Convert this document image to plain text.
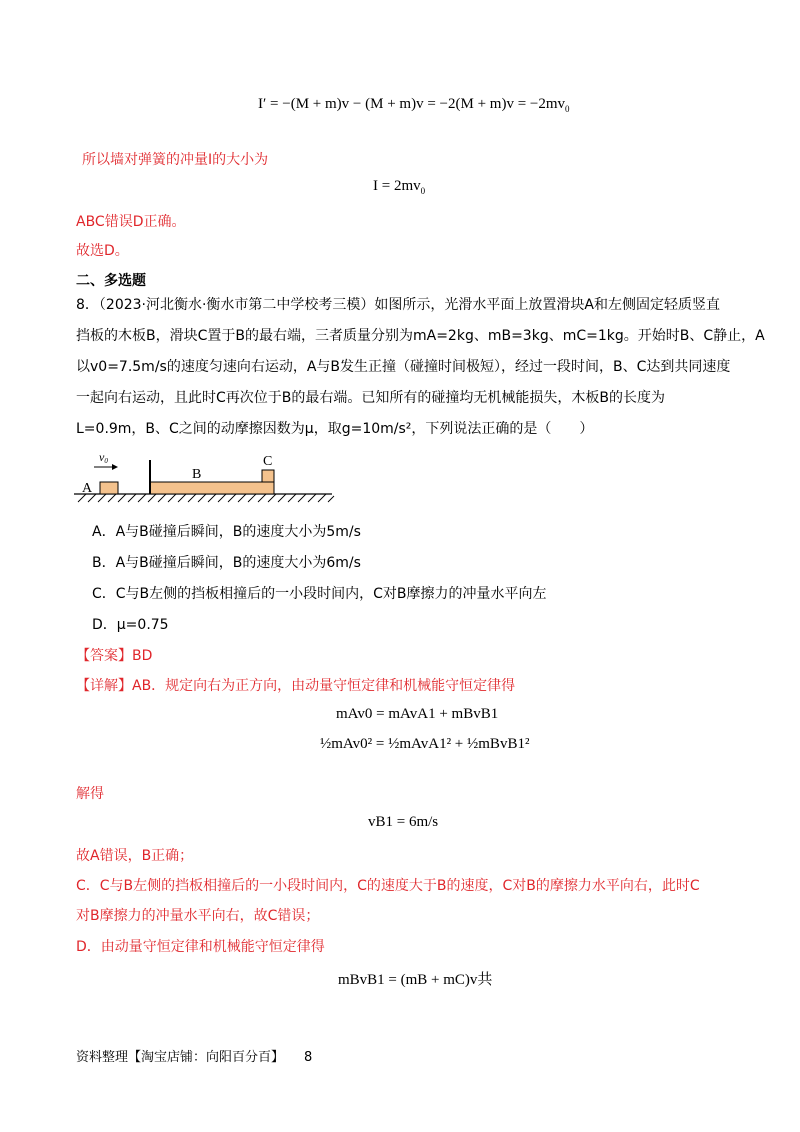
$I' = -(M + m)v - (M + m)v = -2(M + m)v = -2mv_0$
所以墙对弹簧的冲量I的大小为
$I = 2mv_0$
ABC错误D正确。
故选D。
二、多选题
8．（2023·河北衡水·衡水市第二中学校考三模）如图所示，光滑水平面上放置滑块A和左侧固定轻质竖直
挡板的木板B，滑块C置于B的最右端，三者质量分别为mA=2kg、mB=3kg、mC=1kg。开始时B、C静止，A
以v0=7.5m/s的速度匀速向右运动，A与B发生正撞（碰撞时间极短），经过一段时间，B、C达到共同速度
一起向右运动，且此时C再次位于B的最右端。已知所有的碰撞均无机械能损失，木板B的长度为
L=0.9m，B、C之间的动摩擦因数为μ，取g=10m/s²，下列说法正确的是（　　）
A
v0
B
C
A．A与B碰撞后瞬间，B的速度大小为5m/s
B．A与B碰撞后瞬间，B的速度大小为6m/s
C．C与B左侧的挡板相撞后的一小段时间内，C对B摩擦力的冲量水平向左
D．μ=0.75
【答案】BD
【详解】AB．规定向右为正方向，由动量守恒定律和机械能守恒定律得
mAv0 = mAvA1 + mBvB1
½mAv0² = ½mAvA1² + ½mBvB1²
解得
vB1 = 6m/s
故A错误，B正确；
C．C与B左侧的挡板相撞后的一小段时间内，C的速度大于B的速度，C对B的摩擦力水平向右，此时C
对B摩擦力的冲量水平向右，故C错误；
D．由动量守恒定律和机械能守恒定律得
mBvB1 = (mB + mC)v共
资料整理【淘宝店铺：向阳百分百】 8
